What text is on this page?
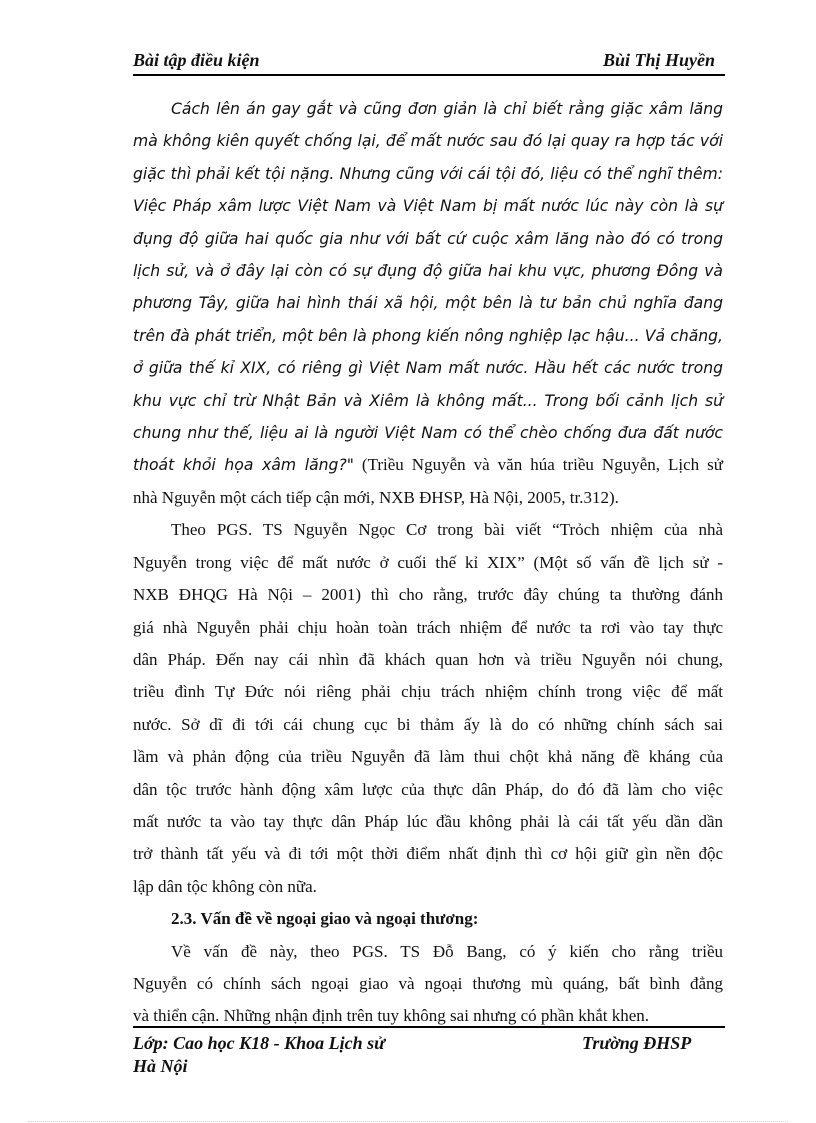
Bài tập điều kiện	Bùi Thị Huyền
Cách lên án gay gắt và cũng đơn giản là chỉ biết rằng giặc xâm lăng
mà không kiên quyết chống lại, để mất nước sau đó lại quay ra hợp tác với
giặc thì phải kết tội nặng. Nhưng cũng với cái tội đó, liệu có thể nghĩ thêm:
Việc Pháp xâm lược Việt Nam và Việt Nam bị mất nước lúc này còn là sự
đụng độ giữa hai quốc gia như với bất cứ cuộc xâm lăng nào đó có trong
lịch sử, và ở đây lại còn có sự đụng độ giữa hai khu vực, phương Đông và
phương Tây, giữa hai hình thái xã hội, một bên là tư bản chủ nghĩa đang
trên đà phát triển, một bên là phong kiến nông nghiệp lạc hậu... Vả chăng,
ở giữa thế kỉ XIX, có riêng gì Việt Nam mất nước. Hầu hết các nước trong
khu vực chỉ trừ Nhật Bản và Xiêm là không mất... Trong bối cảnh lịch sử
chung như thế, liệu ai là người Việt Nam có thể chèo chống đưa đất nước
thoát khỏi họa xâm lăng?" (Triều Nguyễn và văn húa triều Nguyễn, Lịch sử
nhà Nguyễn một cách tiếp cận mới, NXB ĐHSP, Hà Nội, 2005, tr.312).
Theo PGS. TS Nguyễn Ngọc Cơ trong bài viết “Trỏch nhiệm của nhà
Nguyễn trong việc để mất nước ở cuối thế kỉ XIX” (Một số vấn đề lịch sử -
NXB ĐHQG Hà Nội – 2001) thì cho rằng, trước đây chúng ta thường đánh
giá nhà Nguyễn phải chịu hoàn toàn trách nhiệm để nước ta rơi vào tay thực
dân Pháp. Đến nay cái nhìn đã khách quan hơn và triều Nguyễn nói chung,
triều đình Tự Đức nói riêng phải chịu trách nhiệm chính trong việc để mất
nước. Sở dĩ đi tới cái chung cục bi thảm ấy là do có những chính sách sai
lầm và phản động của triều Nguyễn đã làm thui chột khả năng đề kháng của
dân tộc trước hành động xâm lược của thực dân Pháp, do đó đã làm cho việc
mất nước ta vào tay thực dân Pháp lúc đầu không phải là cái tất yếu dần dần
trở thành tất yếu và đi tới một thời điểm nhất định thì cơ hội giữ gìn nền độc
lập dân tộc không còn nữa.
2.3. Vấn đề về ngoại giao và ngoại thương:
Về vấn đề này, theo PGS. TS Đỗ Bang, có ý kiến cho rằng triều
Nguyễn có chính sách ngoại giao và ngoại thương mù quáng, bất bình đẳng
và thiển cận. Những nhận định trên tuy không sai nhưng có phần khắt khen.
Lớp: Cao học K18 - Khoa Lịch sử	Trường ĐHSP
Hà Nội
